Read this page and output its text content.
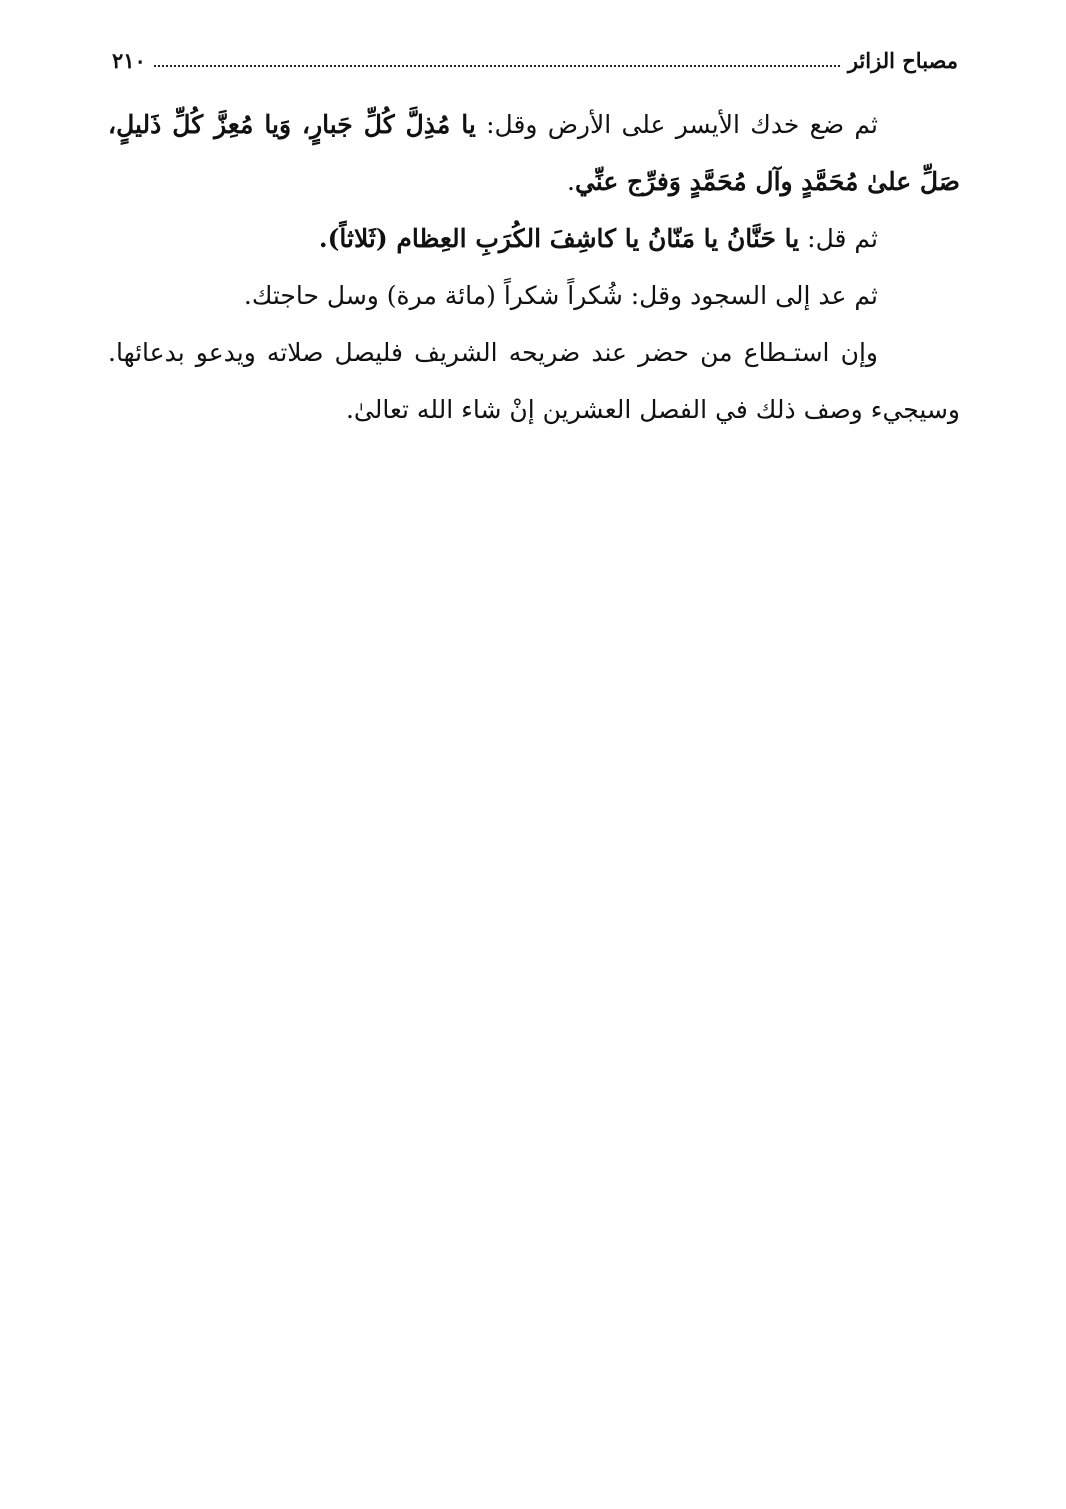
مصباح الزائر
٢١٠

ثم ضع خدك الأيسر على الأرض وقل: يا مُذِلَّ كُلِّ جَبارٍ، وَيا مُعِزَّ كُلِّ ذَليلٍ، صَلِّ علىٰ مُحَمَّدٍ وآل مُحَمَّدٍ وَفرِّج عنِّي.

ثم قل: يا حَنَّانُ يا مَنّانُ يا كاشِفَ الكُرَبِ العِظام (ثَلاثاً).

ثم عد إلى السجود وقل: شُكراً شكراً (مائة مرة) وسل حاجتك.

وإن استـطاع من حضر عند ضريحه الشريف فليصل صلاته ويدعو بدعائها. وسيجيء وصف ذلك في الفصل العشرين إنْ شاء الله تعالىٰ.
